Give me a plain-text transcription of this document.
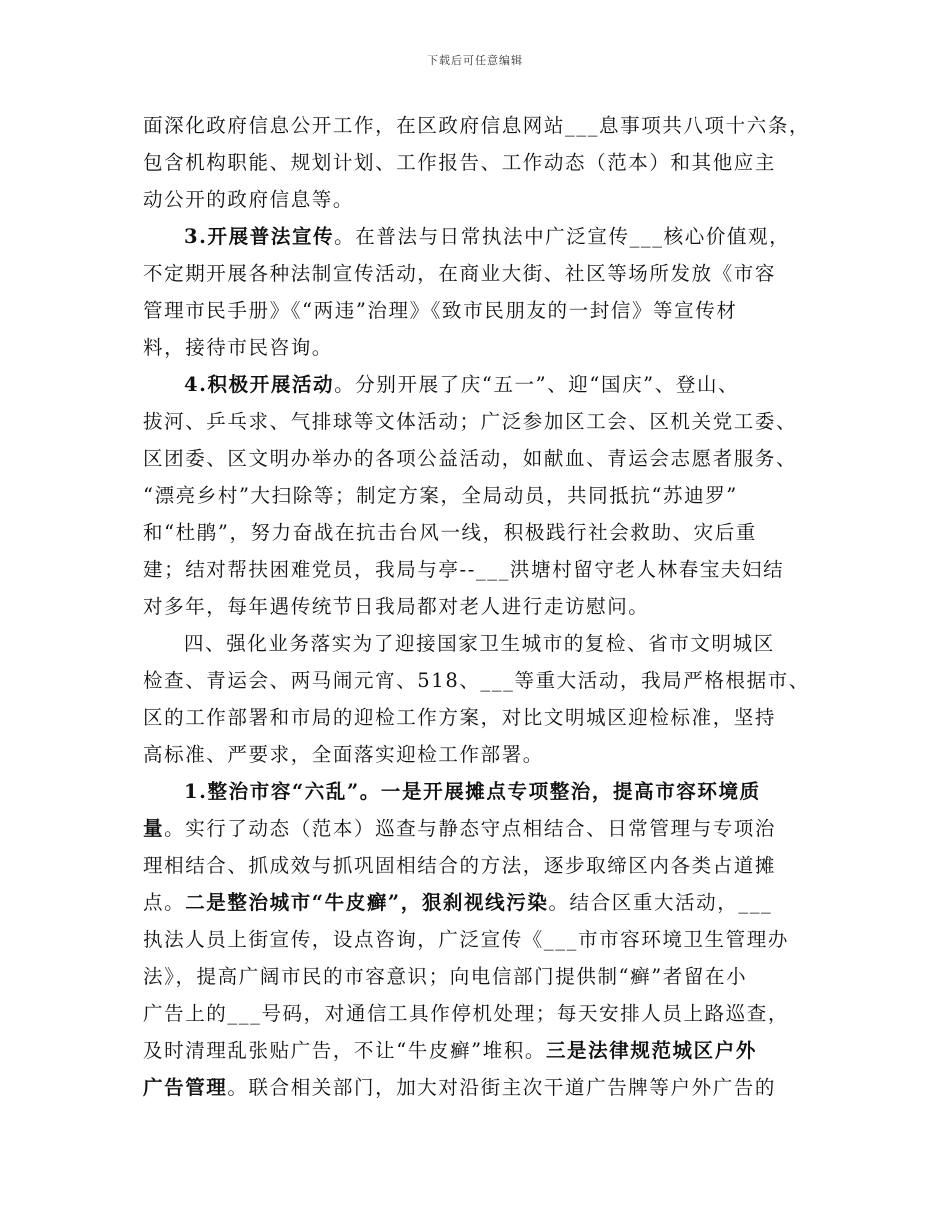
下载后可任意编辑
面深化政府信息公开工作，在区政府信息网站___息事项共八项十六条，
包含机构职能、规划计划、工作报告、工作动态（范本）和其他应主
动公开的政府信息等。
3.开展普法宣传。在普法与日常执法中广泛宣传___核心价值观，
不定期开展各种法制宣传活动，在商业大街、社区等场所发放《市容
管理市民手册》《“两违”治理》《致市民朋友的一封信》等宣传材
料，接待市民咨询。
4.积极开展活动。分别开展了庆“五一”、迎“国庆”、登山、
拔河、乒乓求、气排球等文体活动；广泛参加区工会、区机关党工委、
区团委、区文明办举办的各项公益活动，如献血、青运会志愿者服务、
“漂亮乡村”大扫除等；制定方案，全局动员，共同抵抗“苏迪罗”
和“杜鹃”，努力奋战在抗击台风一线，积极践行社会救助、灾后重
建；结对帮扶困难党员，我局与亭--___洪塘村留守老人林春宝夫妇结
对多年，每年遇传统节日我局都对老人进行走访慰问。
四、强化业务落实为了迎接国家卫生城市的复检、省市文明城区
检查、青运会、两马闹元宵、518、___等重大活动，我局严格根据市、
区的工作部署和市局的迎检工作方案，对比文明城区迎检标准，坚持
高标准、严要求，全面落实迎检工作部署。
1.整治市容“六乱”。一是开展摊点专项整治，提高市容环境质
量。实行了动态（范本）巡查与静态守点相结合、日常管理与专项治
理相结合、抓成效与抓巩固相结合的方法，逐步取缔区内各类占道摊
点。二是整治城市“牛皮癣”，狠刹视线污染。结合区重大活动，___
执法人员上街宣传，设点咨询，广泛宣传《___市市容环境卫生管理办
法》，提高广阔市民的市容意识；向电信部门提供制“癣”者留在小
广告上的___号码，对通信工具作停机处理；每天安排人员上路巡查，
及时清理乱张贴广告，不让“牛皮癣”堆积。三是法律规范城区户外
广告管理。联合相关部门，加大对沿街主次干道广告牌等户外广告的
